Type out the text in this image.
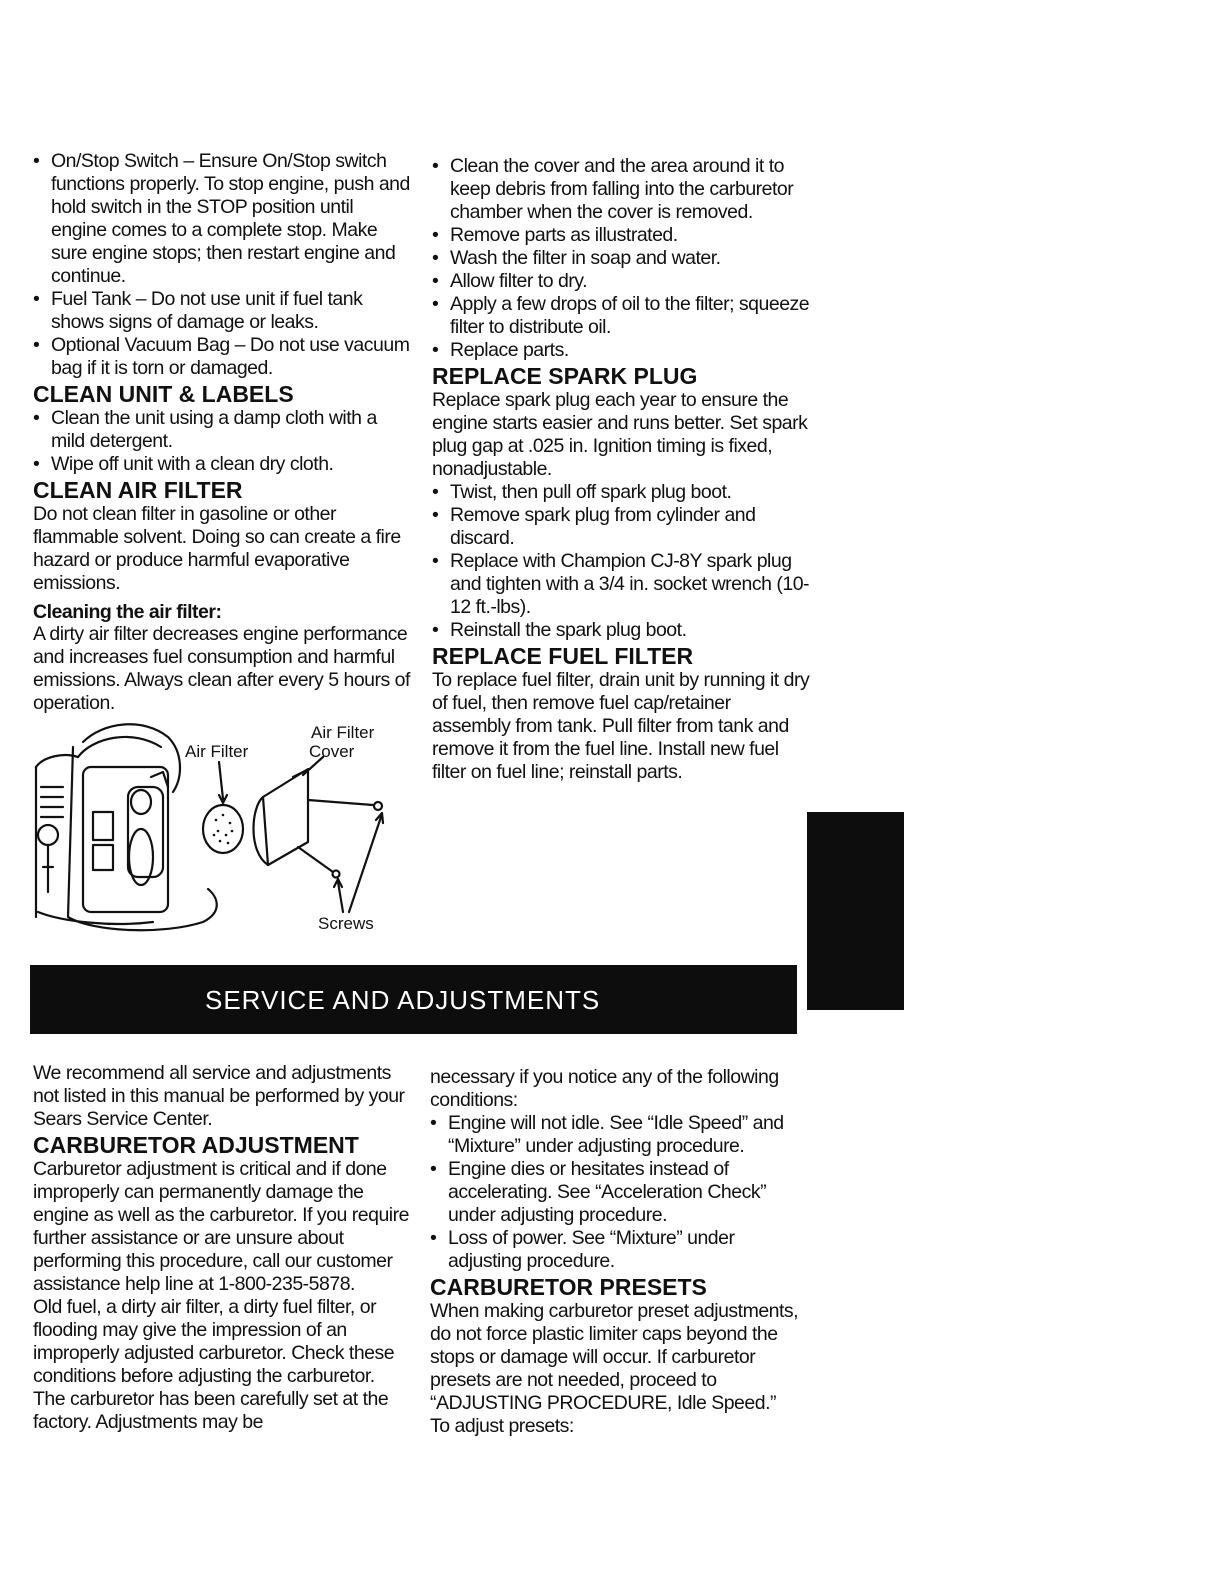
• On/Stop Switch – Ensure On/Stop switch functions properly. To stop engine, push and hold switch in the STOP position until engine comes to a complete stop. Make sure engine stops; then restart engine and continue.
• Fuel Tank – Do not use unit if fuel tank shows signs of damage or leaks.
• Optional Vacuum Bag – Do not use vacuum bag if it is torn or damaged.
CLEAN UNIT & LABELS
• Clean the unit using a damp cloth with a mild detergent.
• Wipe off unit with a clean dry cloth.
CLEAN AIR FILTER

Do not clean filter in gasoline or other flammable solvent. Doing so can create a fire hazard or produce harmful evaporative emissions.

Cleaning the air filter:

A dirty air filter decreases engine performance and increases fuel consumption and harmful emissions. Always clean after every 5 hours of operation.

Air Filter
Air Filter
Cover
Screws
• Clean the cover and the area around it to keep debris from falling into the carburetor chamber when the cover is removed.
• Remove parts as illustrated.
• Wash the filter in soap and water.
• Allow filter to dry.
• Apply a few drops of oil to the filter; squeeze filter to distribute oil.
• Replace parts.
REPLACE SPARK PLUG

Replace spark plug each year to ensure the engine starts easier and runs better. Set spark plug gap at .025 in. Ignition timing is fixed, nonadjustable.

• Twist, then pull off spark plug boot.
• Remove spark plug from cylinder and discard.
• Replace with Champion CJ-8Y spark plug and tighten with a 3/4 in. socket wrench (10-12 ft.-lbs).
• Reinstall the spark plug boot.
REPLACE FUEL FILTER

To replace fuel filter, drain unit by running it dry of fuel, then remove fuel cap/retainer assembly from tank. Pull filter from tank and remove it from the fuel line. Install new fuel filter on fuel line; reinstall parts.

SERVICE AND ADJUSTMENTS

We recommend all service and adjustments not listed in this manual be performed by your Sears Service Center.

CARBURETOR ADJUSTMENT

Carburetor adjustment is critical and if done improperly can permanently damage the engine as well as the carburetor. If you require further assistance or are unsure about performing this procedure, call our customer assistance help line at 1-800-235-5878.

Old fuel, a dirty air filter, a dirty fuel filter, or flooding may give the impression of an improperly adjusted carburetor. Check these conditions before adjusting the carburetor.

The carburetor has been carefully set at the factory. Adjustments may be

necessary if you notice any of the following conditions:

• Engine will not idle. See “Idle Speed” and “Mixture” under adjusting procedure.
• Engine dies or hesitates instead of accelerating. See “Acceleration Check” under adjusting procedure.
• Loss of power. See “Mixture” under adjusting procedure.
CARBURETOR PRESETS

When making carburetor preset adjustments, do not force plastic limiter caps beyond the stops or damage will occur. If carburetor presets are not needed, proceed to “ADJUSTING PROCEDURE, Idle Speed.”

To adjust presets:
